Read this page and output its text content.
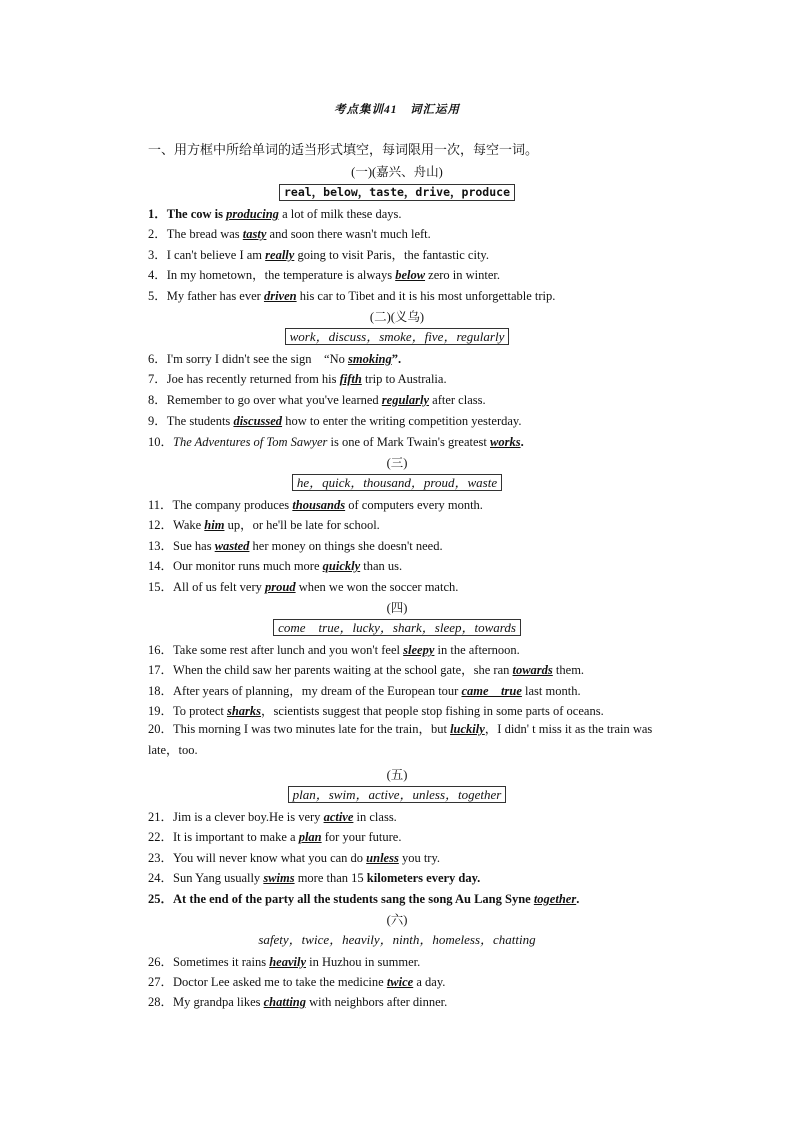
考点集训41　词汇运用
一、用方框中所给单词的适当形式填空，每词限用一次，每空一词。
(一)(嘉兴、舟山)
real，below，taste，drive，produce
1．The cow is producing a lot of milk these days.
2．The bread was tasty and soon there wasn't much left.
3．I can't believe I am really going to visit Paris，the fantastic city.
4．In my hometown，the temperature is always below zero in winter.
5．My father has ever driven his car to Tibet and it is his most unforgettable trip.
(二)(义乌)
work，discuss，smoke，five，regularly
6．I'm sorry I didn't see the sign　“No smoking”.
7．Joe has recently returned from his fifth trip to Australia.
8．Remember to go over what you've learned regularly after class.
9．The students discussed how to enter the writing competition yesterday.
10．The Adventures of Tom Sawyer is one of Mark Twain's greatest works.
(三)
he，quick，thousand，proud，waste
11．The company produces thousands of computers every month.
12．Wake him up，or he'll be late for school.
13．Sue has wasted her money on things she doesn't need.
14．Our monitor runs much more quickly than us.
15．All of us felt very proud when we won the soccer match.
(四)
come　true，lucky，shark，sleep，towards
16．Take some rest after lunch and you won't feel sleepy in the afternoon.
17．When the child saw her parents waiting at the school gate，she ran towards them.
18．After years of planning，my dream of the European tour came　true last month.
19．To protect sharks，scientists suggest that people stop fishing in some parts of oceans.
20．This morning I was two minutes late for the train，but luckily，I didn' t miss it as the train was late，too.
(五)
plan，swim，active，unless，together
21．Jim is a clever boy.He is very active in class.
22．It is important to make a plan for your future.
23．You will never know what you can do unless you try.
24．Sun Yang usually swims more than 15 kilometers every day.
25．At the end of the party all the students sang the song Au Lang Syne together.
(六)
safety，twice，heavily，ninth，homeless，chatting
26．Sometimes it rains heavily in Huzhou in summer.
27．Doctor Lee asked me to take the medicine twice a day.
28．My grandpa likes chatting with neighbors after dinner.
